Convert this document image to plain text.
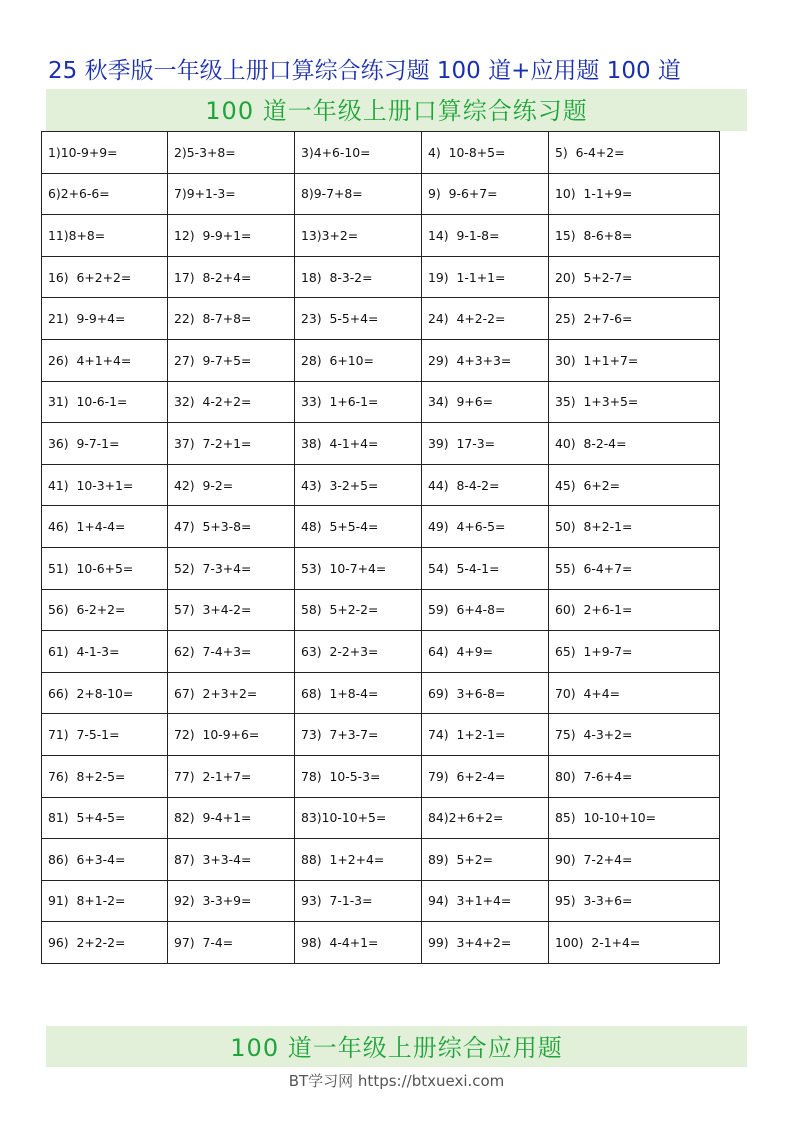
25 秋季版一年级上册口算综合练习题 100 道+应用题 100 道
100 道一年级上册口算综合练习题
1)10-9+9=	2)5-3+8=	3)4+6-10=	4)  10-8+5=	5)  6-4+2=
6)2+6-6=	7)9+1-3=	8)9-7+8=	9)  9-6+7=	10)  1-1+9=
11)8+8=	12)  9-9+1=	13)3+2=	14)  9-1-8=	15)  8-6+8=
16)  6+2+2=	17)  8-2+4=	18)  8-3-2=	19)  1-1+1=	20)  5+2-7=
21)  9-9+4=	22)  8-7+8=	23)  5-5+4=	24)  4+2-2=	25)  2+7-6=
26)  4+1+4=	27)  9-7+5=	28)  6+10=	29)  4+3+3=	30)  1+1+7=
31)  10-6-1=	32)  4-2+2=	33)  1+6-1=	34)  9+6=	35)  1+3+5=
36)  9-7-1=	37)  7-2+1=	38)  4-1+4=	39)  17-3=	40)  8-2-4=
41)  10-3+1=	42)  9-2=	43)  3-2+5=	44)  8-4-2=	45)  6+2=
46)  1+4-4=	47)  5+3-8=	48)  5+5-4=	49)  4+6-5=	50)  8+2-1=
51)  10-6+5=	52)  7-3+4=	53)  10-7+4=	54)  5-4-1=	55)  6-4+7=
56)  6-2+2=	57)  3+4-2=	58)  5+2-2=	59)  6+4-8=	60)  2+6-1=
61)  4-1-3=	62)  7-4+3=	63)  2-2+3=	64)  4+9=	65)  1+9-7=
66)  2+8-10=	67)  2+3+2=	68)  1+8-4=	69)  3+6-8=	70)  4+4=
71)  7-5-1=	72)  10-9+6=	73)  7+3-7=	74)  1+2-1=	75)  4-3+2=
76)  8+2-5=	77)  2-1+7=	78)  10-5-3=	79)  6+2-4=	80)  7-6+4=
81)  5+4-5=	82)  9-4+1=	83)10-10+5=	84)2+6+2=	85)  10-10+10=
86)  6+3-4=	87)  3+3-4=	88)  1+2+4=	89)  5+2=	90)  7-2+4=
91)  8+1-2=	92)  3-3+9=	93)  7-1-3=	94)  3+1+4=	95)  3-3+6=
96)  2+2-2=	97)  7-4=	98)  4-4+1=	99)  3+4+2=	100)  2-1+4=
100 道一年级上册综合应用题
BT学习网 https://btxuexi.com
